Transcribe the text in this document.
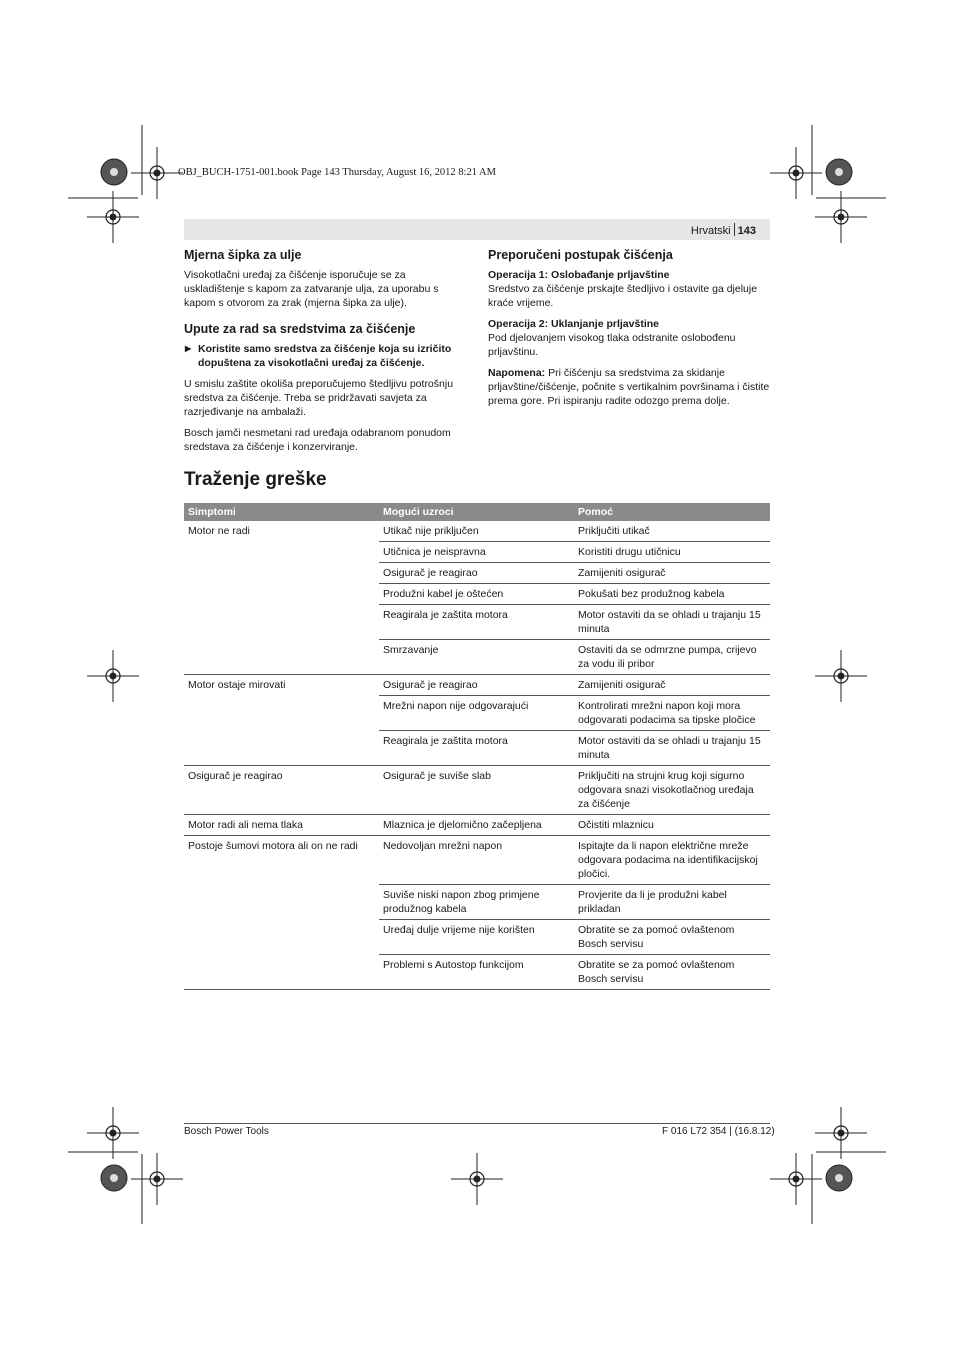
OBJ_BUCH-1751-001.book Page 143 Thursday, August 16, 2012 8:21 AM
Hrvatski 143
Mjerna šipka za ulje

Visokotlačni uređaj za čišćenje isporučuje se za uskladištenje s kapom za zatvaranje ulja, za uporabu s kapom s otvorom za zrak (mjerna šipka za ulje).

Upute za rad sa sredstvima za čišćenje
▶ Koristite samo sredstva za čišćenje koja su izričito dopuštena za visokotlačni uređaj za čišćenje.

U smislu zaštite okoliša preporučujemo štedljivu potrošnju sredstva za čišćenje. Treba se pridržavati savjeta za razrjeđivanje na ambalaži.

Bosch jamči nesmetani rad uređaja odabranom ponudom sredstava za čišćenje i konzerviranje.

Preporučeni postupak čišćenja

Operacija 1: Oslobađanje prljavštine

Sredstvo za čišćenje prskajte štedljivo i ostavite ga djeluje kraće vrijeme.

Operacija 2: Uklanjanje prljavštine

Pod djelovanjem visokog tlaka odstranite oslobođenu prljavštinu.

Napomena: Pri čišćenju sa sredstvima za skidanje prljavštine/čišćenje, počnite s vertikalnim površinama i čistite prema gore. Pri ispiranju radite odozgo prema dolje.

Traženje greške
Simptomi	Mogući uzroci	Pomoć
Motor ne radi	Utikač nije priključen	Priključiti utikač
	Utičnica je neispravna	Koristiti drugu utičnicu
	Osigurač je reagirao	Zamijeniti osigurač
	Produžni kabel je oštećen	Pokušati bez produžnog kabela
	Reagirala je zaštita motora	Motor ostaviti da se ohladi u trajanju 15 minuta
	Smrzavanje	Ostaviti da se odmrzne pumpa, crijevo za vodu ili pribor
Motor ostaje mirovati	Osigurač je reagirao	Zamijeniti osigurač
	Mrežni napon nije odgovarajući	Kontrolirati mrežni napon koji mora odgovarati podacima sa tipske pločice
	Reagirala je zaštita motora	Motor ostaviti da se ohladi u trajanju 15 minuta
Osigurač je reagirao	Osigurač je suviše slab	Priključiti na strujni krug koji sigurno odgovara snazi visokotlačnog uređaja za čišćenje
Motor radi ali nema tlaka	Mlaznica je djelomično začepljena	Očistiti mlaznicu
Postoje šumovi motora ali on ne radi	Nedovoljan mrežni napon	Ispitajte da li napon električne mreže odgovara podacima na identifikacijskoj pločici.
	Suviše niski napon zbog primjene produžnog kabela	Provjerite da li je produžni kabel prikladan
	Uređaj dulje vrijeme nije korišten	Obratite se za pomoć ovlaštenom Bosch servisu
	Problemi s Autostop funkcijom	Obratite se za pomoć ovlaštenom Bosch servisu
Bosch Power Tools	F 016 L72 354 | (16.8.12)
